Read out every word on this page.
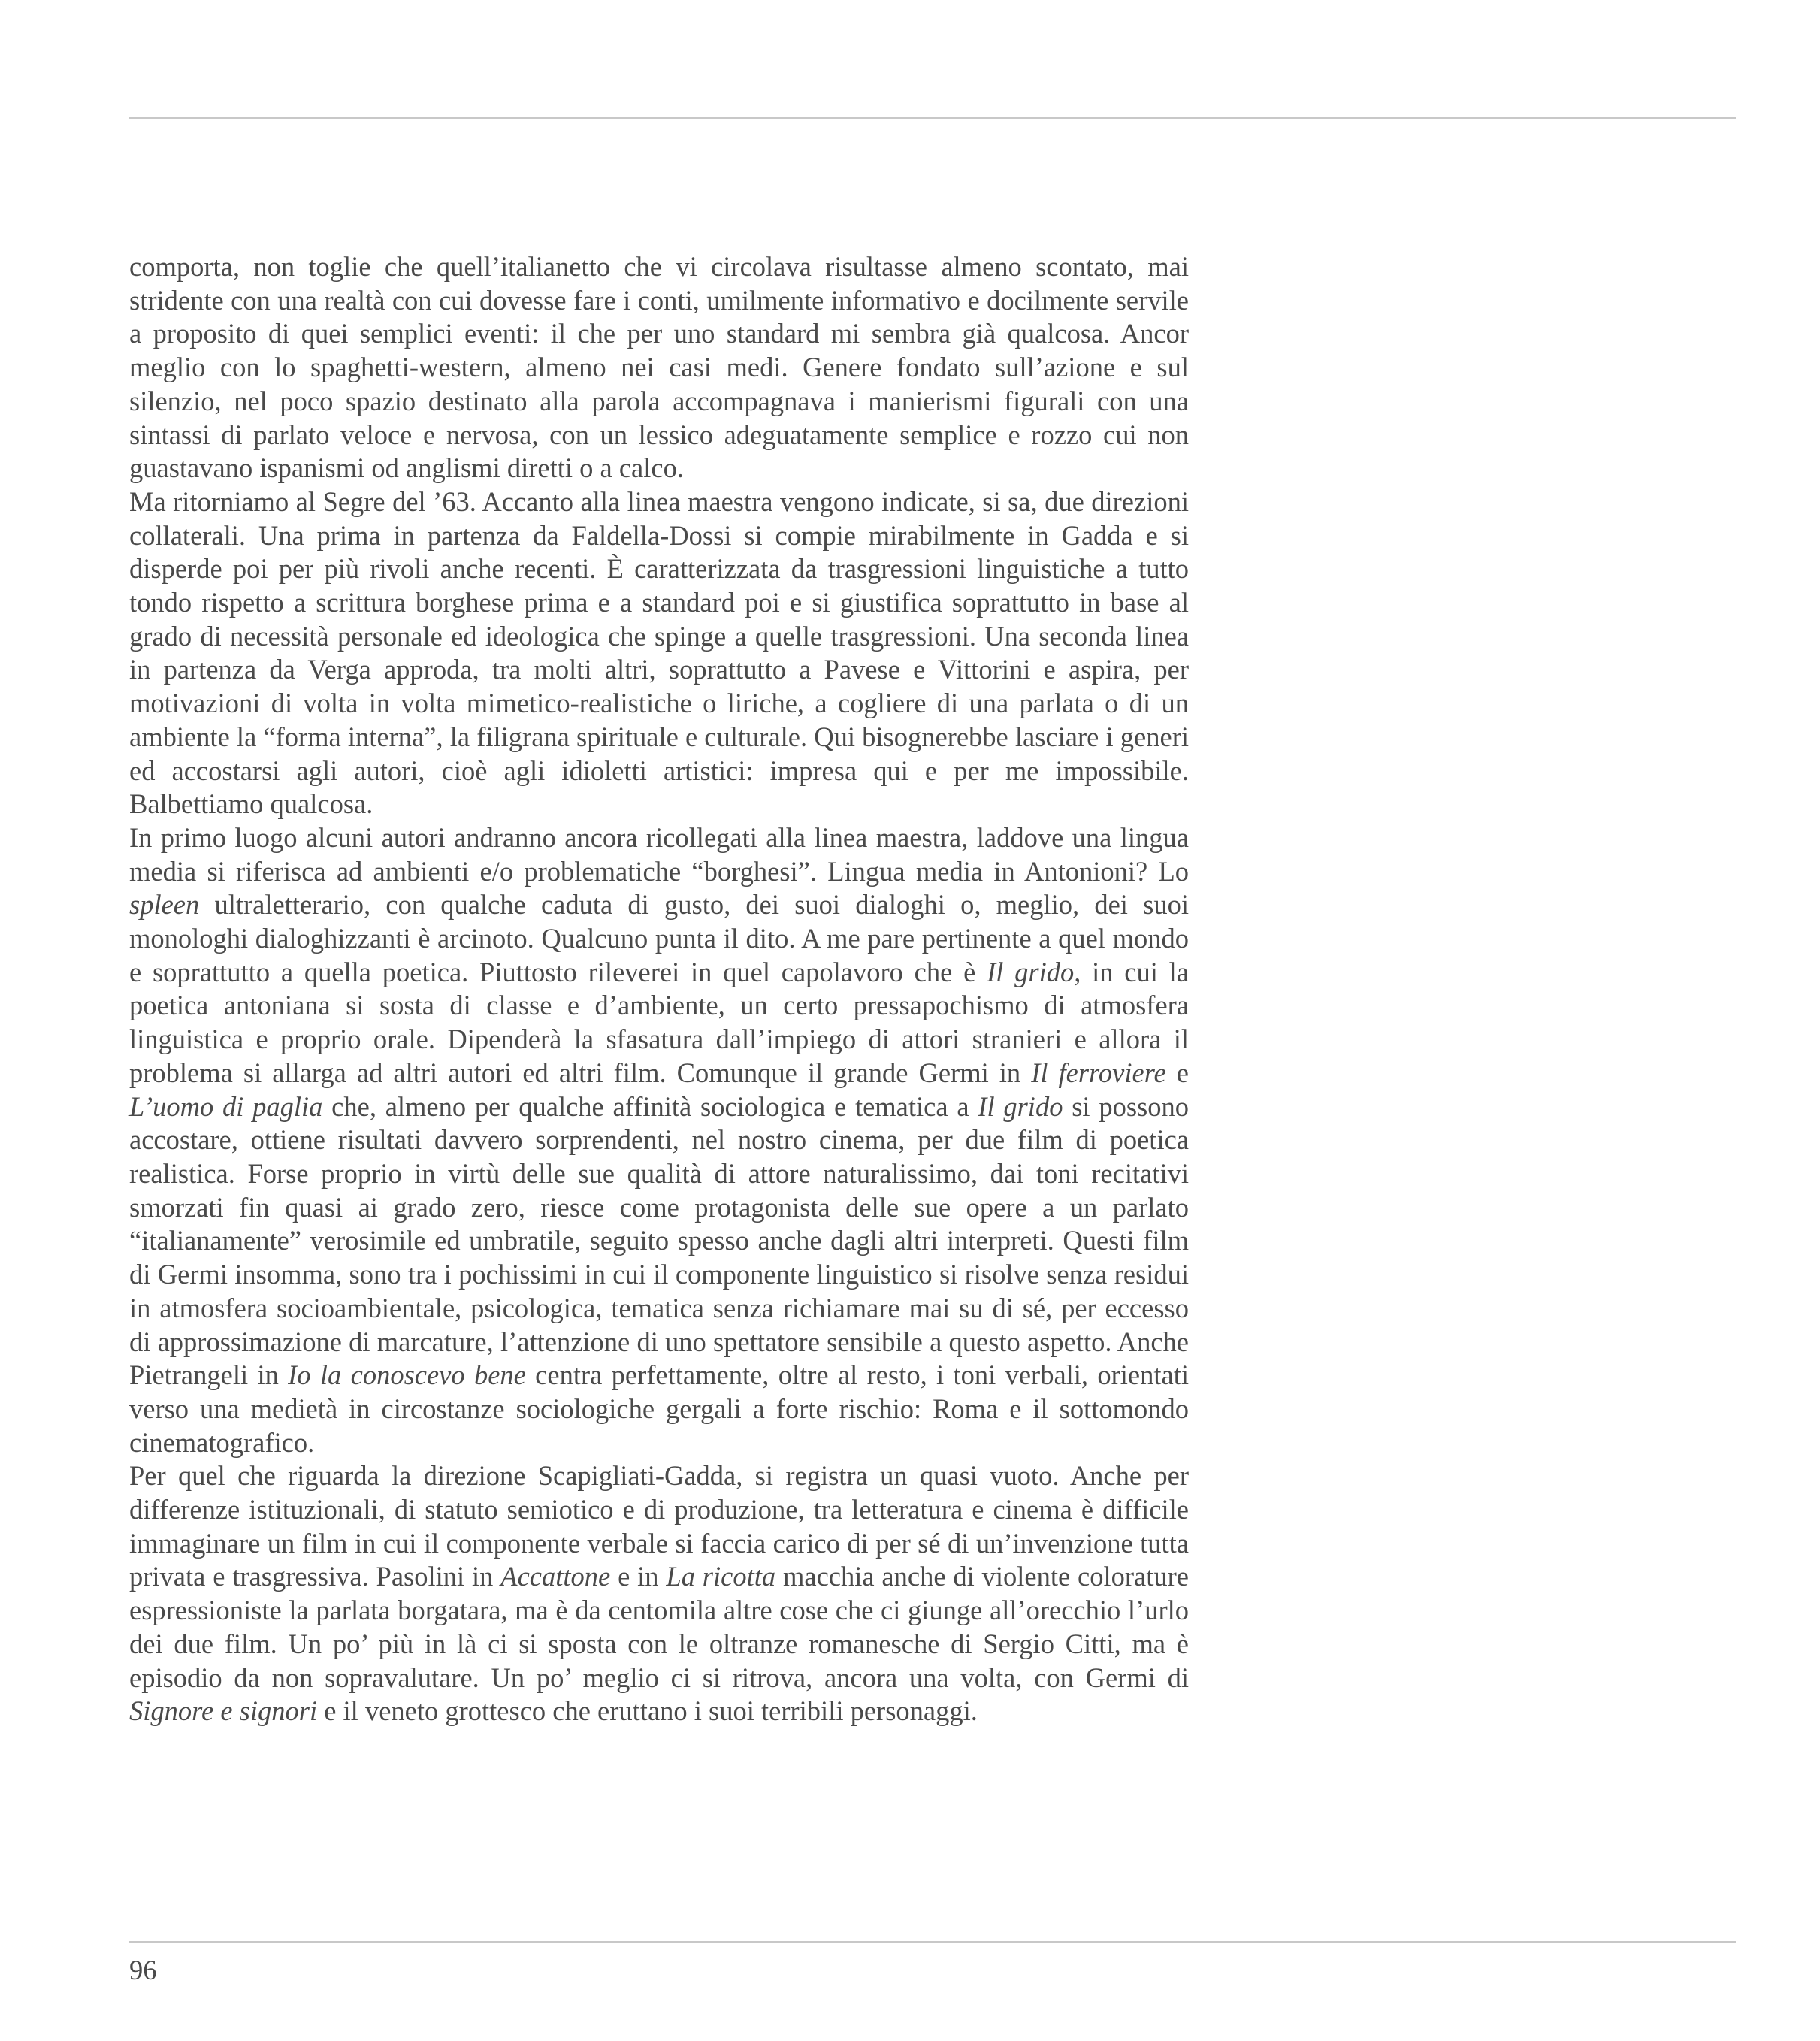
comporta, non toglie che quell’italianetto che vi circolava risultasse almeno scontato, mai stridente con una realtà con cui dovesse fare i conti, umilmente informativo e docilmente servile a proposito di quei semplici eventi: il che per uno standard mi sembra già qualcosa. Ancor meglio con lo spaghetti-western, almeno nei casi medi. Genere fondato sull’azione e sul silenzio, nel poco spazio destinato alla parola accompagnava i manierismi figurali con una sintassi di parlato veloce e nervosa, con un lessico adeguatamente semplice e rozzo cui non guastavano ispanismi od anglismi diretti o a calco.

Ma ritorniamo al Segre del ’63. Accanto alla linea maestra vengono indicate, si sa, due direzioni collaterali. Una prima in partenza da Faldella-Dossi si compie mirabilmente in Gadda e si disperde poi per più rivoli anche recenti. È caratterizzata da trasgressioni linguistiche a tutto tondo rispetto a scrittura borghese prima e a standard poi e si giustifica soprattutto in base al grado di necessità personale ed ideologica che spinge a quelle trasgressioni. Una seconda linea in partenza da Verga approda, tra molti altri, soprattutto a Pavese e Vittorini e aspira, per motivazioni di volta in volta mimetico-realistiche o liriche, a cogliere di una parlata o di un ambiente la “forma interna”, la filigrana spirituale e culturale. Qui bisognerebbe lasciare i generi ed accostarsi agli autori, cioè agli idioletti artistici: impresa qui e per me impossibile. Balbettiamo qualcosa.

In primo luogo alcuni autori andranno ancora ricollegati alla linea maestra, laddove una lingua media si riferisca ad ambienti e/o problematiche “borghesi”. Lingua media in Antonioni? Lo spleen ultraletterario, con qualche caduta di gusto, dei suoi dialoghi o, meglio, dei suoi monologhi dialoghizzanti è arcinoto. Qualcuno punta il dito. A me pare pertinente a quel mondo e soprattutto a quella poetica. Piuttosto rileverei in quel capolavoro che è Il grido, in cui la poetica antoniana si sosta di classe e d’ambiente, un certo pressapochismo di atmosfera linguistica e proprio orale. Dipenderà la sfasatura dall’impiego di attori stranieri e allora il problema si allarga ad altri autori ed altri film. Comunque il grande Germi in Il ferroviere e L’uomo di paglia che, almeno per qualche affinità sociologica e tematica a Il grido si possono accostare, ottiene risultati davvero sorprendenti, nel nostro cinema, per due film di poetica realistica. Forse proprio in virtù delle sue qualità di attore naturalissimo, dai toni recitativi smorzati fin quasi ai grado zero, riesce come protagonista delle sue opere a un parlato “italianamente” verosimile ed umbratile, seguito spesso anche dagli altri interpreti. Questi film di Germi insomma, sono tra i pochissimi in cui il componente linguistico si risolve senza residui in atmosfera socioambientale, psicologica, tematica senza richiamare mai su di sé, per eccesso di approssimazione di marcature, l’attenzione di uno spettatore sensibile a questo aspetto. Anche Pietrangeli in Io la conoscevo bene centra perfettamente, oltre al resto, i toni verbali, orientati verso una medietà in circostanze sociologiche gergali a forte rischio: Roma e il sottomondo cinematografico.

Per quel che riguarda la direzione Scapigliati-Gadda, si registra un quasi vuoto. Anche per differenze istituzionali, di statuto semiotico e di produzione, tra letteratura e cinema è difficile immaginare un film in cui il componente verbale si faccia carico di per sé di un’invenzione tutta privata e trasgressiva. Pasolini in Accattone e in La ricotta macchia anche di violente colorature espressioniste la parlata borgatara, ma è da centomila altre cose che ci giunge all’orecchio l’urlo dei due film. Un po’ più in là ci si sposta con le oltranze romanesche di Sergio Citti, ma è episodio da non sopravalutare. Un po’ meglio ci si ritrova, ancora una volta, con Germi di Signore e signori e il veneto grottesco che eruttano i suoi terribili personaggi.

96
